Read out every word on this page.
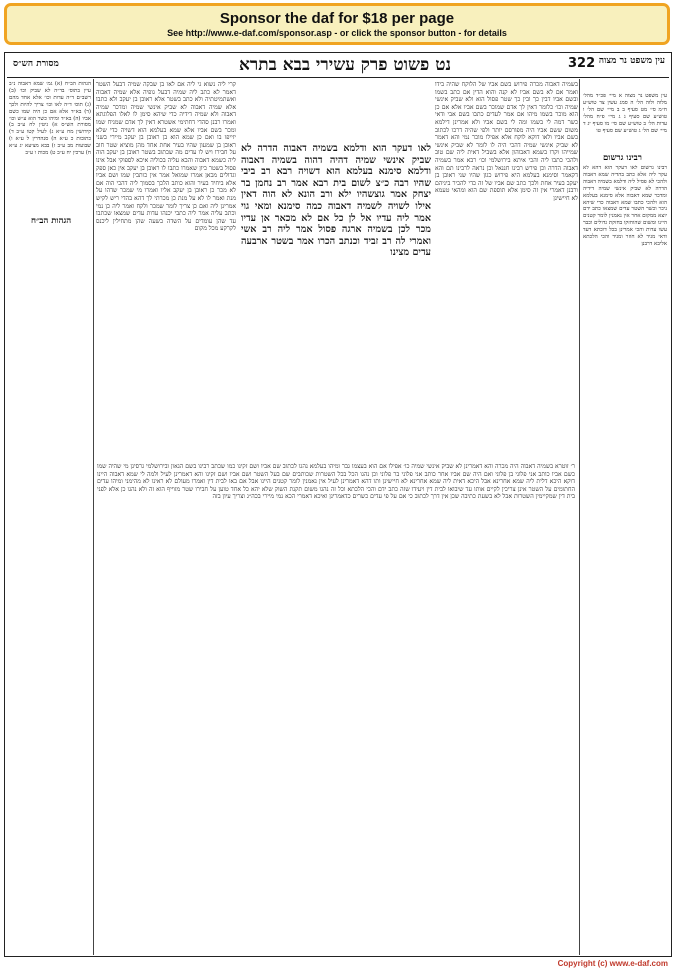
Sponsor the daf for $18 per page
See http://www.e-daf.com/sponsor.asp - or click the sponsor button - for details
מסורת הש״ס	נט פשוט פרק עשירי בבא בתרא	322 עין משפט נר מצוה

הגהות הב״ח (א) גמ׳ שמא דאבוה נ״ב עיין בתוס׳ בד״ה לא שביק וכו׳ (ב) רשב״ם ד״ה עדות וכו׳ אלא אחד מהם (ג) תוס׳ ד״ה לאו וכו׳ צריך להיות ולכך (ד) בא״ד אלא אם כן היה שמו כשם אביו (ה) בא״ד ומיהו כשר הוא ע״ש וכו׳ מסורת הש״ס א) גיטין לח ע״ב ב) קידושין מח ע״א ג) לעיל קטו ע״ב ד) כתובות כ ע״א ה) סנהדרין ל ע״א ו) שבועות מב ע״ב ז) בבא מציעא יג ע״א ח) ערכין יח ע״ב ט) מכות ו ע״ב

קרי ליה נשוא גי ליה אם לאו בן שבקה שמיה דבעל השטר דאמר לא כתב ליה שמיה דבעל גופיה אלא שמיה דאבוה ואשתמיטתיה ולא כתב בשטר אלא ראובן בן יעקב ולא כתבו אלא שמיה דאבוה לא שביק אינשי שמיה ומדכר שמיה דאבוה ולא שמיה דידיה כדי שיהא סימן לו לאלו הפלוגתא ואמרו רבנן סהדי דחתימי אשטרא דאין לך אדם שמניח שמו ומכר בשם אביו אלא שמא בעלמא הוא דשויה כדי שלא יזייפו בו ואם כן שמא הוא בן ראובן בן יעקב מיירי בשני ראובן בן שמעון שהיו בעיר אחת אחד מהן מוציא שטר חוב על חבירו ויש לו עדים מה שכתוב בשטר ראובן בן יעקב הוה ליה כשמא דאבוה והבא עליה בכוליה איכא לספוקי אבל אינו פסול בשטר כיון שאמרו כתבו לו ראובן בן יעקב אין כאן ספק וגדולים מכאן אמרו שמואל אמר אין כותבין שמו ושם אביו אלא ביחיד בעיר והוא כותב הלכך בסמוך ליה דהכי הוה אם לא מכר כן ראובן בן יעקב אליו ואמרו מי שמכר שדהו על מנת ואמר לו לא על מנת כן מכרתי לך דהא בהדי ריש לקיש אמרינן ליה ואם כן צריך לומר שמכר ולקח ואמר ליה כן נמי וכתב עליה אמר ליה כתבי יכנהו עדות עדים שמצאו שכתבו עד שהן עומדים על השדה בשעה שהן מתחילין ליכנס לקרקע מכל מקום

לאו דעקר הוא ודלמא בשמיה דאבוה הדרה לא שביק אינשי שמיה דהיה דהוה בשמיה דאבוה ודלמא סימנא בעלמא הוא דשויה רבא רב ביבי שהיו רבה כ״צ לשום בית רבא אמר רב נחמן בר יצחק אמר גוצשהיו ילא ורב הונא לא הוה דאין אילו לשויה לשמיה דאבוה כמה סימנא ומאי גוי אמר ליה עדיו אל לן כל אם לא מכאר אן עדיו מכר לכן בשמיה ארגה פסול אמר ליה רב אשי ואמרי לה רב זביד וכנתב הכרו אמר בשטר ארבעה עדים מצינו

בשמיה דאבוה מכרה פירוש בשם אביו של הלוקח שהיה בידו ואמר אם לא בשם אביו לא קנה והוא הדין אם כתב בשמו ובשם אביו דבין כך ובין כך שטר פסול הוא ולא שביק אינשי שמיה וכו׳ כלומר דאין לך אדם שמוכר בשם אביו אלא אם כן הוא מוכר בשמו מיהו אם אמר לעדים כתבו בשם אבי ודאי כשר דמה לי בשמו ומה לי בשם אביו ולא אמרינן דילמא משום ששם אביו היה מפורסם יותר ולפי שהיה דרכו לכתוב בשם אביו ולאו דוקא לוקח אלא אפילו מוכר נמי והא דאמר לא שביק אינשי שמיה דהכי היה לו לומר לא שביק אינשי שמייהו וקרו בשמא דאבוהון אלא בשביל דאית ליה שם טוב ולהכי כתבו ליה והכי איתא בירושלמי וכו׳ רבא אמר בשמיה דאבוה הדרה וכן פירש רבינו חננאל וכן נראה לרבינו תם והא דקאמר וסימנא בעלמא היא פירוש כגון שהיו שני ראובן בן יעקב בעיר אחת ולכך כתב שם אביו של זה כדי להכיר ביניהם ורבנן דאמרי אין זה סימן אלא תוספת שם הוא ומהאי טעמא לא חיישינן

עין משפט נר מצוה א מיי׳ פכ״ד מהל׳ מלוה ולוה הל׳ ה סמג עשין צד טוש״ע ח״מ סי׳ מט סעיף ב ב מיי׳ שם הל׳ ו טוש״ע שם סעיף ג ג מיי׳ פ״ח מהל׳ עדות הל׳ ב טוש״ע שם סי׳ מו סעיף יג ד מיי׳ שם הל׳ ג טוש״ע שם סעיף טו

רבינו גרשום

רבינו גרשום לאו דעקר הוא דהא לא עקר ליה אלא כתב בהדיה שמא דאבוה ולהכי לא פסיל ליה ודלמא בשמיה דאבוה הדרה לא שביק אינשי שמיה דידיה ומדכר שמא דאבוה אלא סימנא בעלמא הוא ולהכי כתבו שמא דאבוה כדי שיהא ניכר וכשר השטר עדים שמצאו כתב ידם יוצא ממקום אחר אין נאמנין לומר קטנים היינו ומשום שהוחזקו בחזקת גדולים וכבר עשו עדות והכי אמרינן בכל דוכתא דעד ודאי מגיד לא חוזר ומגיד והכי הלכתא אליבא דרבנן

הגהות הב״ח

ר׳ זוטרא בשמיה דאבוה היה מכרה והא דאמרינן לא שביק אינשי שמיה כו׳ אפילו אם הוא בעצמו גבר ומיהו בעלמא נהגו לכתוב שם אביו ושם זקינו כמו שכתב רבינו בשם הגאון ובירושלמי גרסינן מי שהיה שמו כשם אביו כותב אני פלוני בן פלוני ואם היה שם אביו אחר כותב אני פלוני בר פלוני וכן נהגו הכל בכל השטרות שכותבים שם בעל השטר ושם אביו ושם זקינו והא דאמרינן לעיל ולמה לי שמא דאבוה היינו דוקא היכא דלית ליה שמא אחרינא אבל היכא דאית ליה שמא אחרינא לא חיישינן ותו דהא דאמרינן לעיל אין נאמנין לומר קטנים היינו אבל אם באו לבית דין ואמרו מעולם לא ראינו לא מהימני ומיהו עדים החתומים על השטר אינן צריכין לקיים אותו עד שיבואו לבית דין ויעידו שזה כתב ידם והכי הלכתא וכל זה נהגו משום תקנת השוק שלא יהא כל אחד טוען על חבירו שטר מזוייף הוא זה ולא נהגו כן אלא לפני בית דין שמקיימין השטרות אבל לא בשעת כתיבה שכן אין דרך לכתוב כי אם על פי עדים כשרים כדאמרינן ואיכא דאמרי הכא נמי מיירי בכה״ג וצריך עיון בזה

Copyright (c) www.e-daf.com
